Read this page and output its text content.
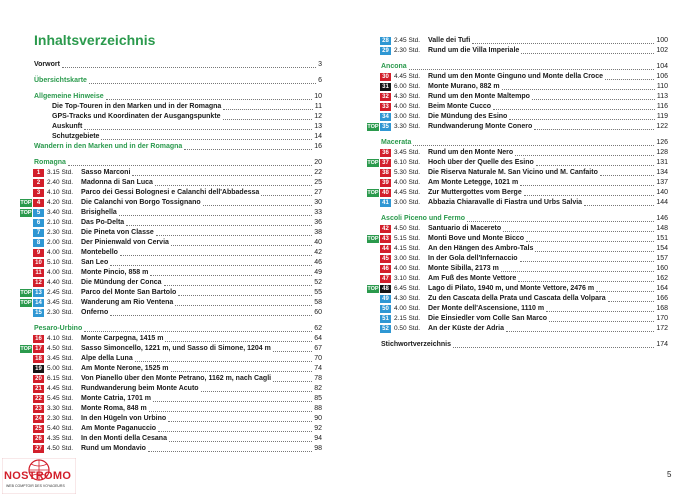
Inhaltsverzeichnis
Vorwort	3
Übersichtskarte	6
Allgemeine Hinweise	10
Die Top-Touren in den Marken und in der Romagna	11
GPS-Tracks und Koordinaten der Ausgangspunkte	12
Auskunft	13
Schutzgebiete	14
Wandern in den Marken und in der Romagna	16
Romagna	20
1	3.15 Std. Sasso Marconi	22
2	2.40 Std. Madonna di San Luca	25
3	4.10 Std. Parco dei Gessi Bolognesi e Calanchi dell'Abbadessa	27
TOP 4	4.20 Std. Die Calanchi von Borgo Tossignano	30
TOP 5	3.40 Std. Brisighella	33
6	2.10 Std. Das Po-Delta	36
7	2.30 Std. Die Pineta von Classe	38
8	2.00 Std. Der Pinienwald von Cervia	40
9	4.00 Std. Montebello	42
10 5.10 Std. San Leo	46
11 4.00 Std. Monte Pincio, 858 m	49
12 4.40 Std. Die Mündung der Conca	52
TOP 13 2.45 Std. Parco del Monte San Bartolo	55
TOP 14 3.45 Std. Wanderung am Rio Ventena	58
15 2.30 Std. Onferno	60
Pesaro-Urbino	62
16 4.10 Std. Monte Carpegna, 1415 m	64
TOP 17 4.50 Std. Sasso Simoncello, 1221 m, und Sasso di Simone, 1204 m	67
18 3.45 Std. Alpe della Luna	70
19 5.00 Std. Am Monte Nerone, 1525 m	74
20 6.15 Std. Von Pianello über den Monte Petrano, 1162 m, nach Cagli	78
21 4.45 Std. Rundwanderung beim Monte Acuto	82
22 5.45 Std. Monte Catria, 1701 m	85
23 3.30 Std. Monte Roma, 848 m	88
24 2.30 Std. In den Hügeln von Urbino	90
25 5.40 Std. Am Monte Paganuccio	92
26 4.35 Std. In den Monti della Cesana	94
27 4.50 Std. Rund um Mondavio	98
28 2.45 Std. Valle dei Tufi	100
29 2.30 Std. Rund um die Villa Imperiale	102
Ancona	104
30 4.45 Std. Rund um den Monte Ginguno und Monte della Croce	106
31 6.00 Std. Monte Murano, 882 m	110
32 4.30 Std. Rund um den Monte Maltempo	113
33 4.00 Std. Beim Monte Cucco	116
34 3.00 Std. Die Mündung des Esino	119
TOP 35 3.30 Std. Rundwanderung Monte Conero	122
Macerata	126
36 3.45 Std. Rund um den Monte Nero	128
TOP 37 6.10 Std. Hoch über der Quelle des Esino	131
38 5.30 Std. Die Riserva Naturale M. San Vicino und M. Canfaito	134
39 4.00 Std. Am Monte Letegge, 1021 m	137
TOP 40 4.45 Std. Zur Muttergottes vom Berge	140
41 3.00 Std. Abbazia Chiaravalle di Fiastra und Urbs Salvia	144
Ascoli Piceno und Fermo	146
42 4.50 Std. Santuario di Macereto	148
TOP 43 5.15 Std. Monti Bove und Monte Bicco	151
44 4.15 Std. An den Hängen des Ambro-Tals	154
45 3.00 Std. In der Gola dell'Infernaccio	157
46 4.00 Std. Monte Sibilla, 2173 m	160
47 3.10 Std. Am Fuß des Monte Vettore	162
TOP 48 6.45 Std. Lago di Pilato, 1940 m, und Monte Vettore, 2476 m	164
49 4.30 Std. Zu den Cascata della Prata und Cascata della Volpara	166
50 4.00 Std. Der Monte dell'Ascensione, 1110 m	168
51 2.15 Std. Die Einsiedler vom Colle San Marco	170
52 0.50 Std. An der Küste der Adria	172
Stichwortverzeichnis	174
NOSTROMO
WEB COMPTOIR DES VOYAGEURS
5
